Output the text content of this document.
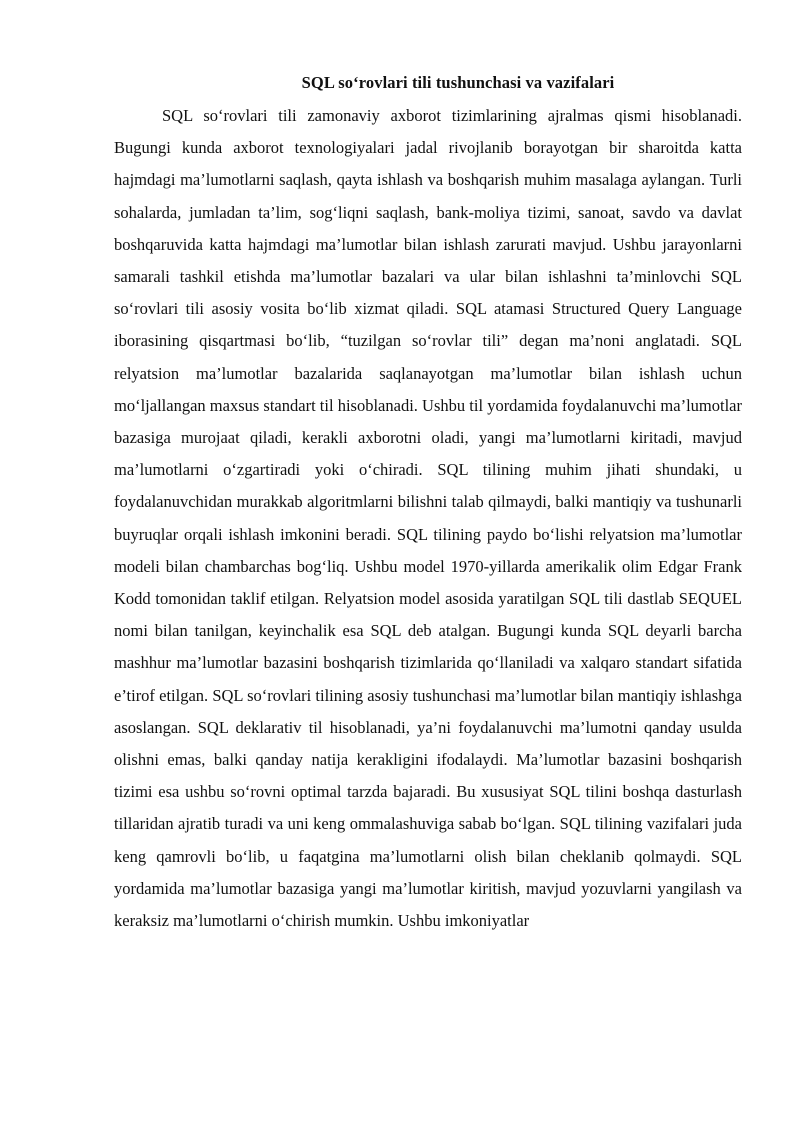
SQL so‘rovlari tili tushunchasi va vazifalari

SQL so‘rovlari tili zamonaviy axborot tizimlarining ajralmas qismi hisoblanadi. Bugungi kunda axborot texnologiyalari jadal rivojlanib borayotgan bir sharoitda katta hajmdagi ma’lumotlarni saqlash, qayta ishlash va boshqarish muhim masalaga aylangan. Turli sohalarda, jumladan ta’lim, sog‘liqni saqlash, bank-moliya tizimi, sanoat, savdo va davlat boshqaruvida katta hajmdagi ma’lumotlar bilan ishlash zarurati mavjud. Ushbu jarayonlarni samarali tashkil etishda ma’lumotlar bazalari va ular bilan ishlashni ta’minlovchi SQL so‘rovlari tili asosiy vosita bo‘lib xizmat qiladi. SQL atamasi Structured Query Language iborasining qisqartmasi bo‘lib, “tuzilgan so‘rovlar tili” degan ma’noni anglatadi. SQL relyatsion ma’lumotlar bazalarida saqlanayotgan ma’lumotlar bilan ishlash uchun mo‘ljallangan maxsus standart til hisoblanadi. Ushbu til yordamida foydalanuvchi ma’lumotlar bazasiga murojaat qiladi, kerakli axborotni oladi, yangi ma’lumotlarni kiritadi, mavjud ma’lumotlarni o‘zgartiradi yoki o‘chiradi. SQL tilining muhim jihati shundaki, u foydalanuvchidan murakkab algoritmlarni bilishni talab qilmaydi, balki mantiqiy va tushunarli buyruqlar orqali ishlash imkonini beradi. SQL tilining paydo bo‘lishi relyatsion ma’lumotlar modeli bilan chambarchas bog‘liq. Ushbu model 1970-yillarda amerikalik olim Edgar Frank Kodd tomonidan taklif etilgan. Relyatsion model asosida yaratilgan SQL tili dastlab SEQUEL nomi bilan tanilgan, keyinchalik esa SQL deb atalgan. Bugungi kunda SQL deyarli barcha mashhur ma’lumotlar bazasini boshqarish tizimlarida qo‘llaniladi va xalqaro standart sifatida e’tirof etilgan. SQL so‘rovlari tilining asosiy tushunchasi ma’lumotlar bilan mantiqiy ishlashga asoslangan. SQL deklarativ til hisoblanadi, ya’ni foydalanuvchi ma’lumotni qanday usulda olishni emas, balki qanday natija kerakligini ifodalaydi. Ma’lumotlar bazasini boshqarish tizimi esa ushbu so‘rovni optimal tarzda bajaradi. Bu xususiyat SQL tilini boshqa dasturlash tillaridan ajratib turadi va uni keng ommalashuviga sabab bo‘lgan. SQL tilining vazifalari juda keng qamrovli bo‘lib, u faqatgina ma’lumotlarni olish bilan cheklanib qolmaydi. SQL yordamida ma’lumotlar bazasiga yangi ma’lumotlar kiritish, mavjud yozuvlarni yangilash va keraksiz ma’lumotlarni o‘chirish mumkin. Ushbu imkoniyatlar
